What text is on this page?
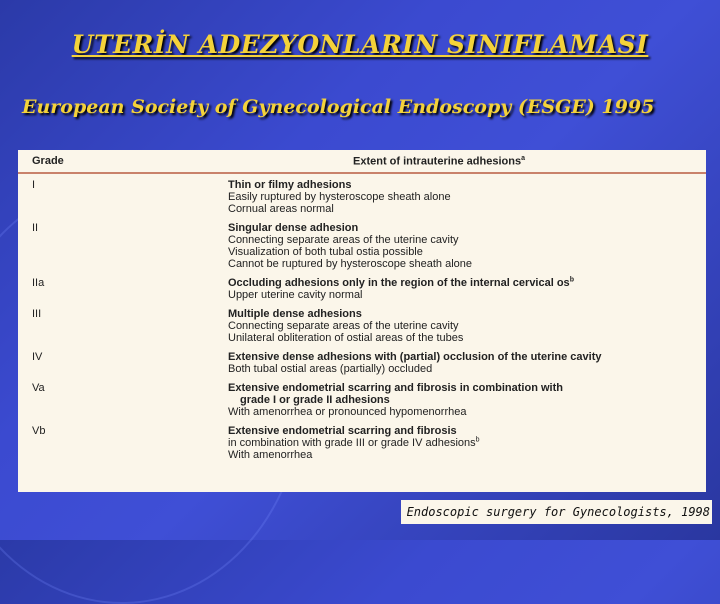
UTERİN ADEZYONLARIN SINIFLAMASI
European Society of Gynecological Endoscopy (ESGE) 1995
Grade	Extent of intrauterine adhesions$^a$
I	Thin or filmy adhesions
Easily ruptured by hysteroscope sheath alone
Cornual areas normal
II	Singular dense adhesion
Connecting separate areas of the uterine cavity
Visualization of both tubal ostia possible
Cannot be ruptured by hysteroscope sheath alone
IIa	Occluding adhesions only in the region of the internal cervical $os^b$
Upper uterine cavity normal
III	Multiple dense adhesions
Connecting separate areas of the uterine cavity
Unilateral obliteration of ostial areas of the tubes
IV	Extensive dense adhesions with (partial) occlusion of the uterine cavity
Both tubal ostial areas (partially) occluded
Va	Extensive endometrial scarring and fibrosis in combination with
grade I or grade II adhesions
With amenorrhea or pronounced hypomenorrhea
Vb	Extensive endometrial scarring and fibrosis
in combination with grade III or grade IV adhesions$^b$
With amenorrhea
Endoscopic surgery for Gynecologists, 1998
